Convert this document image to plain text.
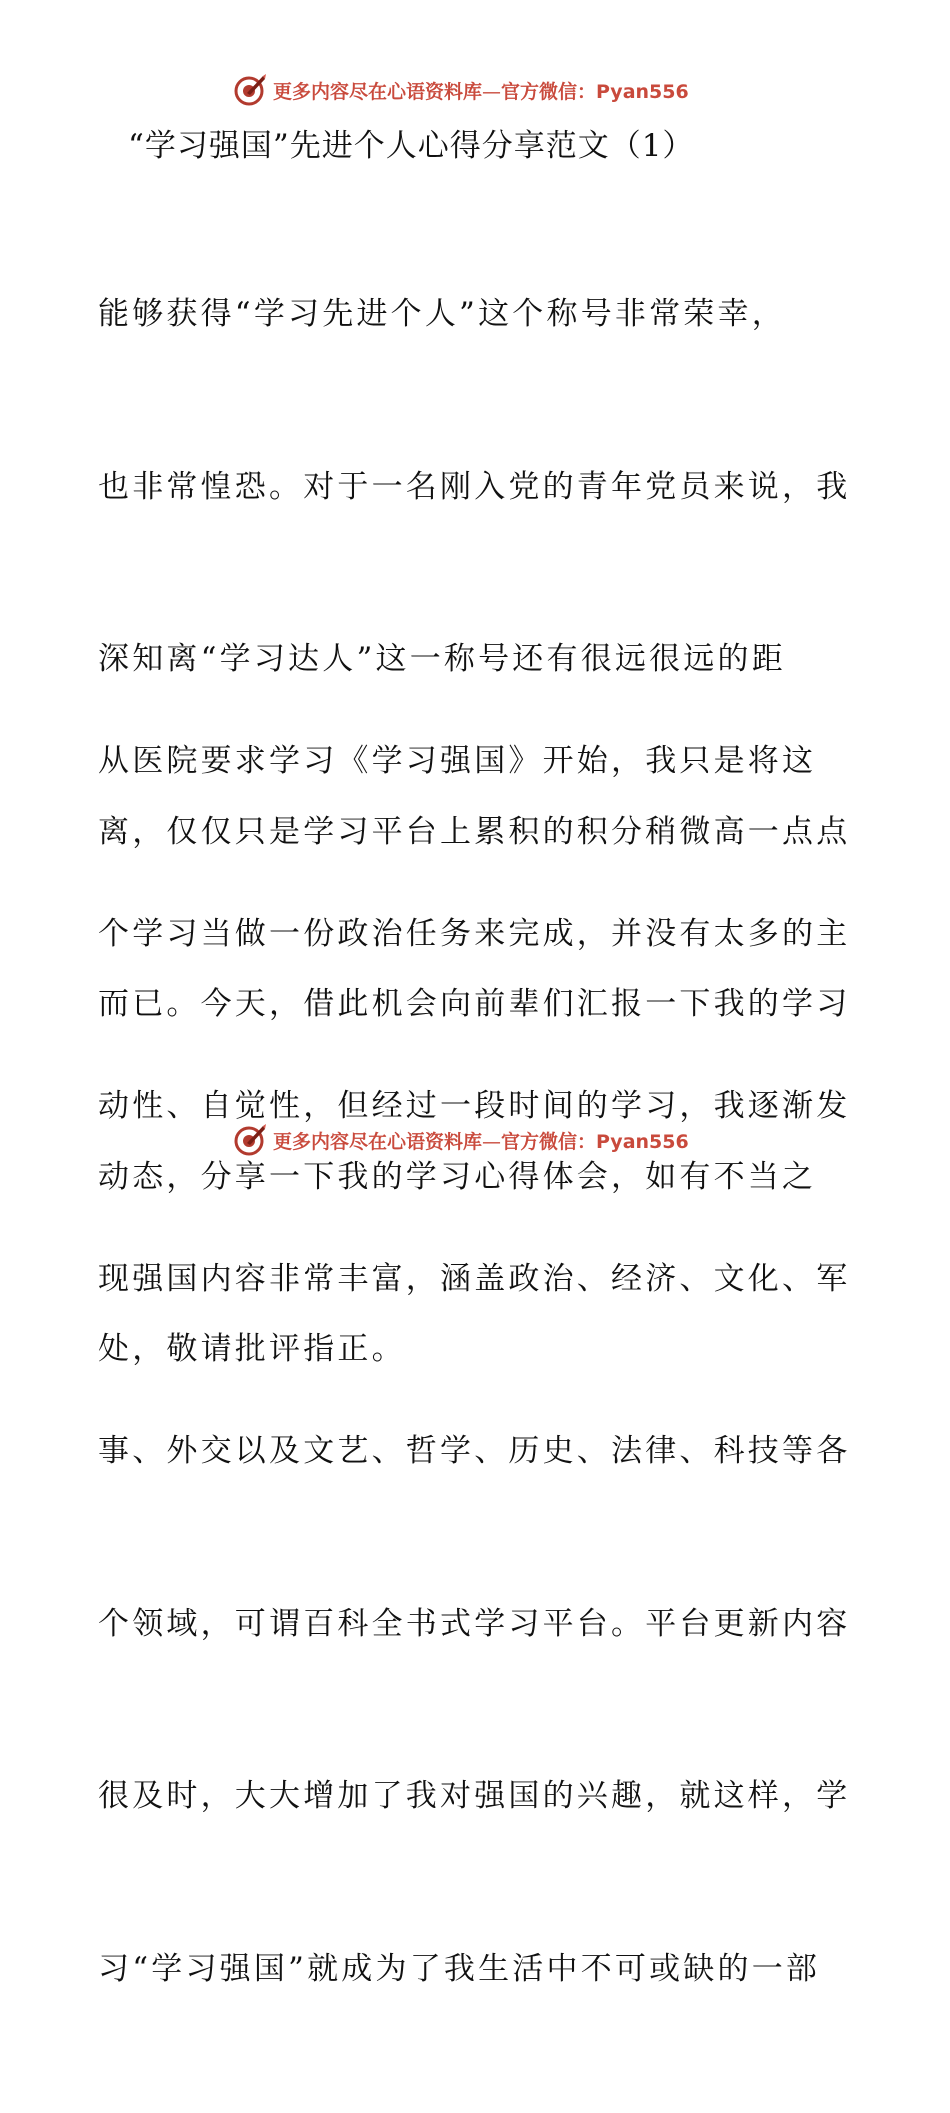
更多内容尽在心语资料库—官方微信：Pyan556
“学习强国”先进个人心得分享范文（1）

能够获得“学习先进个人”这个称号非常荣幸，

也非常惶恐。对于一名刚入党的青年党员来说，我

深知离“学习达人”这一称号还有很远很远的距

离，仅仅只是学习平台上累积的积分稍微高一点点

而已。今天，借此机会向前辈们汇报一下我的学习

动态，分享一下我的学习心得体会，如有不当之

处，敬请批评指正。

从医院要求学习《学习强国》开始，我只是将这

个学习当做一份政治任务来完成，并没有太多的主

动性、自觉性，但经过一段时间的学习，我逐渐发

现强国内容非常丰富，涵盖政治、经济、文化、军

事、外交以及文艺、哲学、历史、法律、科技等各

个领域，可谓百科全书式学习平台。平台更新内容

很及时，大大增加了我对强国的兴趣，就这样，学

习“学习强国”就成为了我生活中不可或缺的一部

更多内容尽在心语资料库—官方微信：Pyan556
